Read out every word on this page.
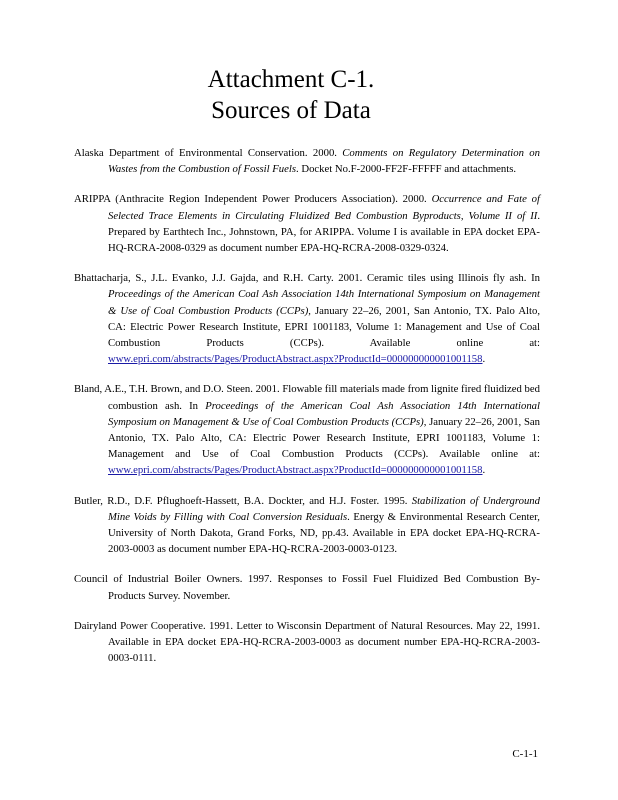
Attachment C-1.
Sources of Data

Alaska Department of Environmental Conservation. 2000. Comments on Regulatory Determination on Wastes from the Combustion of Fossil Fuels. Docket No.F-2000-FF2F-FFFFF and attachments.

ARIPPA (Anthracite Region Independent Power Producers Association). 2000. Occurrence and Fate of Selected Trace Elements in Circulating Fluidized Bed Combustion Byproducts, Volume II of II. Prepared by Earthtech Inc., Johnstown, PA, for ARIPPA. Volume I is available in EPA docket EPA-HQ-RCRA-2008-0329 as document number EPA-HQ-RCRA-2008-0329-0324.

Bhattacharja, S., J.L. Evanko, J.J. Gajda, and R.H. Carty. 2001. Ceramic tiles using Illinois fly ash. In Proceedings of the American Coal Ash Association 14th International Symposium on Management & Use of Coal Combustion Products (CCPs), January 22–26, 2001, San Antonio, TX. Palo Alto, CA: Electric Power Research Institute, EPRI 1001183, Volume 1: Management and Use of Coal Combustion Products (CCPs). Available online at: www.epri.com/abstracts/Pages/ProductAbstract.aspx?ProductId=000000000001001158.

Bland, A.E., T.H. Brown, and D.O. Steen. 2001. Flowable fill materials made from lignite fired fluidized bed combustion ash. In Proceedings of the American Coal Ash Association 14th International Symposium on Management & Use of Coal Combustion Products (CCPs), January 22–26, 2001, San Antonio, TX. Palo Alto, CA: Electric Power Research Institute, EPRI 1001183, Volume 1: Management and Use of Coal Combustion Products (CCPs). Available online at: www.epri.com/abstracts/Pages/ProductAbstract.aspx?ProductId=000000000001001158.

Butler, R.D., D.F. Pflughoeft-Hassett, B.A. Dockter, and H.J. Foster. 1995. Stabilization of Underground Mine Voids by Filling with Coal Conversion Residuals. Energy & Environmental Research Center, University of North Dakota, Grand Forks, ND, pp.43. Available in EPA docket EPA-HQ-RCRA-2003-0003 as document number EPA-HQ-RCRA-2003-0003-0123.

Council of Industrial Boiler Owners. 1997. Responses to Fossil Fuel Fluidized Bed Combustion By-Products Survey. November.

Dairyland Power Cooperative. 1991. Letter to Wisconsin Department of Natural Resources. May 22, 1991. Available in EPA docket EPA-HQ-RCRA-2003-0003 as document number EPA-HQ-RCRA-2003-0003-0111.

C-1-1
